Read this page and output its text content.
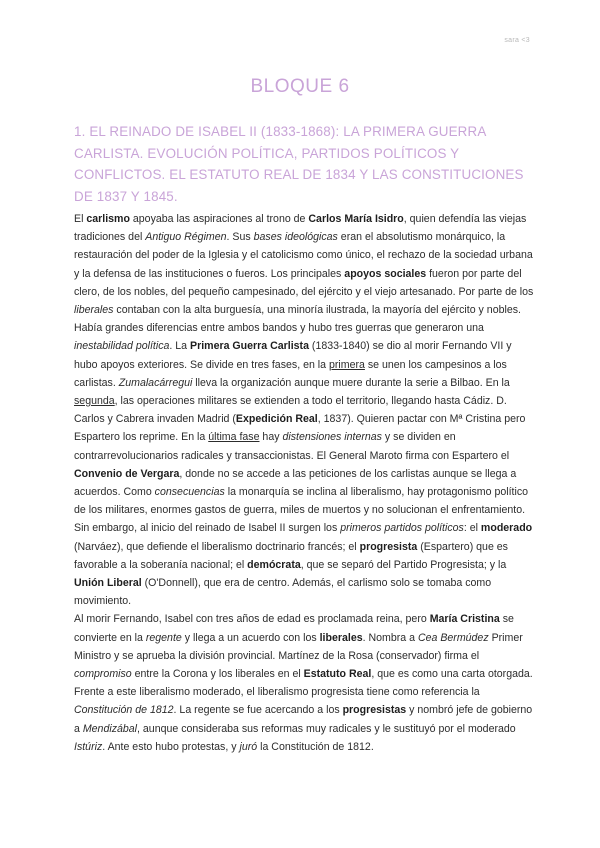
sara <3
BLOQUE 6
1. EL REINADO DE ISABEL II (1833-1868): LA PRIMERA GUERRA CARLISTA. EVOLUCIÓN POLÍTICA, PARTIDOS POLÍTICOS Y CONFLICTOS. EL ESTATUTO REAL DE 1834 Y LAS CONSTITUCIONES DE 1837 Y 1845.

El carlismo apoyaba las aspiraciones al trono de Carlos María Isidro, quien defendía las viejas tradiciones del Antiguo Régimen. Sus bases ideológicas eran el absolutismo monárquico, la restauración del poder de la Iglesia y el catolicismo como único, el rechazo de la sociedad urbana y la defensa de las instituciones o fueros. Los principales apoyos sociales fueron por parte del clero, de los nobles, del pequeño campesinado, del ejército y el viejo artesanado. Por parte de los liberales contaban con la alta burguesía, una minoría ilustrada, la mayoría del ejército y nobles.

Había grandes diferencias entre ambos bandos y hubo tres guerras que generaron una inestabilidad política. La Primera Guerra Carlista (1833-1840) se dio al morir Fernando VII y hubo apoyos exteriores. Se divide en tres fases, en la primera se unen los campesinos a los carlistas. Zumalacárregui lleva la organización aunque muere durante la serie a Bilbao. En la segunda, las operaciones militares se extienden a todo el territorio, llegando hasta Cádiz. D. Carlos y Cabrera invaden Madrid (Expedición Real, 1837). Quieren pactar con Mª Cristina pero Espartero los reprime. En la última fase hay distensiones internas y se dividen en contrarrevolucionarios radicales y transaccionistas. El General Maroto firma con Espartero el Convenio de Vergara, donde no se accede a las peticiones de los carlistas aunque se llega a acuerdos. Como consecuencias la monarquía se inclina al liberalismo, hay protagonismo político de los militares, enormes gastos de guerra, miles de muertos y no solucionan el enfrentamiento.

Sin embargo, al inicio del reinado de Isabel II surgen los primeros partidos políticos: el moderado (Narváez), que defiende el liberalismo doctrinario francés; el progresista (Espartero) que es favorable a la soberanía nacional; el demócrata, que se separó del Partido Progresista; y la Unión Liberal (O'Donnell), que era de centro. Además, el carlismo solo se tomaba como movimiento.

Al morir Fernando, Isabel con tres años de edad es proclamada reina, pero María Cristina se convierte en la regente y llega a un acuerdo con los liberales. Nombra a Cea Bermúdez Primer Ministro y se aprueba la división provincial. Martínez de la Rosa (conservador) firma el compromiso entre la Corona y los liberales en el Estatuto Real, que es como una carta otorgada. Frente a este liberalismo moderado, el liberalismo progresista tiene como referencia la Constitución de 1812. La regente se fue acercando a los progresistas y nombró jefe de gobierno a Mendizábal, aunque consideraba sus reformas muy radicales y le sustituyó por el moderado Istúriz. Ante esto hubo protestas, y juró la Constitución de 1812.
